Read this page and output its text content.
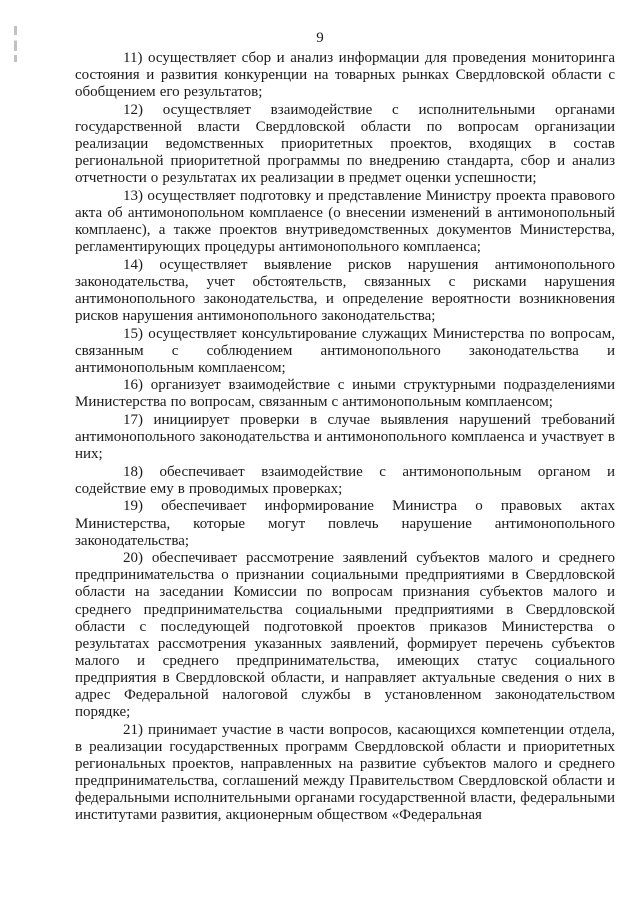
9

11) осуществляет сбор и анализ информации для проведения мониторинга состояния и развития конкуренции на товарных рынках Свердловской области с обобщением его результатов;

12) осуществляет взаимодействие с исполнительными органами государственной власти Свердловской области по вопросам организации реализации ведомственных приоритетных проектов, входящих в состав региональной приоритетной программы по внедрению стандарта, сбор и анализ отчетности о результатах их реализации в предмет оценки успешности;

13) осуществляет подготовку и представление Министру проекта правового акта об антимонопольном комплаенсе (о внесении изменений в антимонопольный комплаенс), а также проектов внутриведомственных документов Министерства, регламентирующих процедуры антимонопольного комплаенса;

14) осуществляет выявление рисков нарушения антимонопольного законодательства, учет обстоятельств, связанных с рисками нарушения антимонопольного законодательства, и определение вероятности возникновения рисков нарушения антимонопольного законодательства;

15) осуществляет консультирование служащих Министерства по вопросам, связанным с соблюдением антимонопольного законодательства и антимонопольным комплаенсом;

16) организует взаимодействие с иными структурными подразделениями Министерства по вопросам, связанным с антимонопольным комплаенсом;

17) инициирует проверки в случае выявления нарушений требований антимонопольного законодательства и антимонопольного комплаенса и участвует в них;

18) обеспечивает взаимодействие с антимонопольным органом и содействие ему в проводимых проверках;

19) обеспечивает информирование Министра о правовых актах Министерства, которые могут повлечь нарушение антимонопольного законодательства;

20) обеспечивает рассмотрение заявлений субъектов малого и среднего предпринимательства о признании социальными предприятиями в Свердловской области на заседании Комиссии по вопросам признания субъектов малого и среднего предпринимательства социальными предприятиями в Свердловской области с последующей подготовкой проектов приказов Министерства о результатах рассмотрения указанных заявлений, формирует перечень субъектов малого и среднего предпринимательства, имеющих статус социального предприятия в Свердловской области, и направляет актуальные сведения о них в адрес Федеральной налоговой службы в установленном законодательством порядке;

21) принимает участие в части вопросов, касающихся компетенции отдела, в реализации государственных программ Свердловской области и приоритетных региональных проектов, направленных на развитие субъектов малого и среднего предпринимательства, соглашений между Правительством Свердловской области и федеральными исполнительными органами государственной власти, федеральными институтами развития, акционерным обществом «Федеральная
